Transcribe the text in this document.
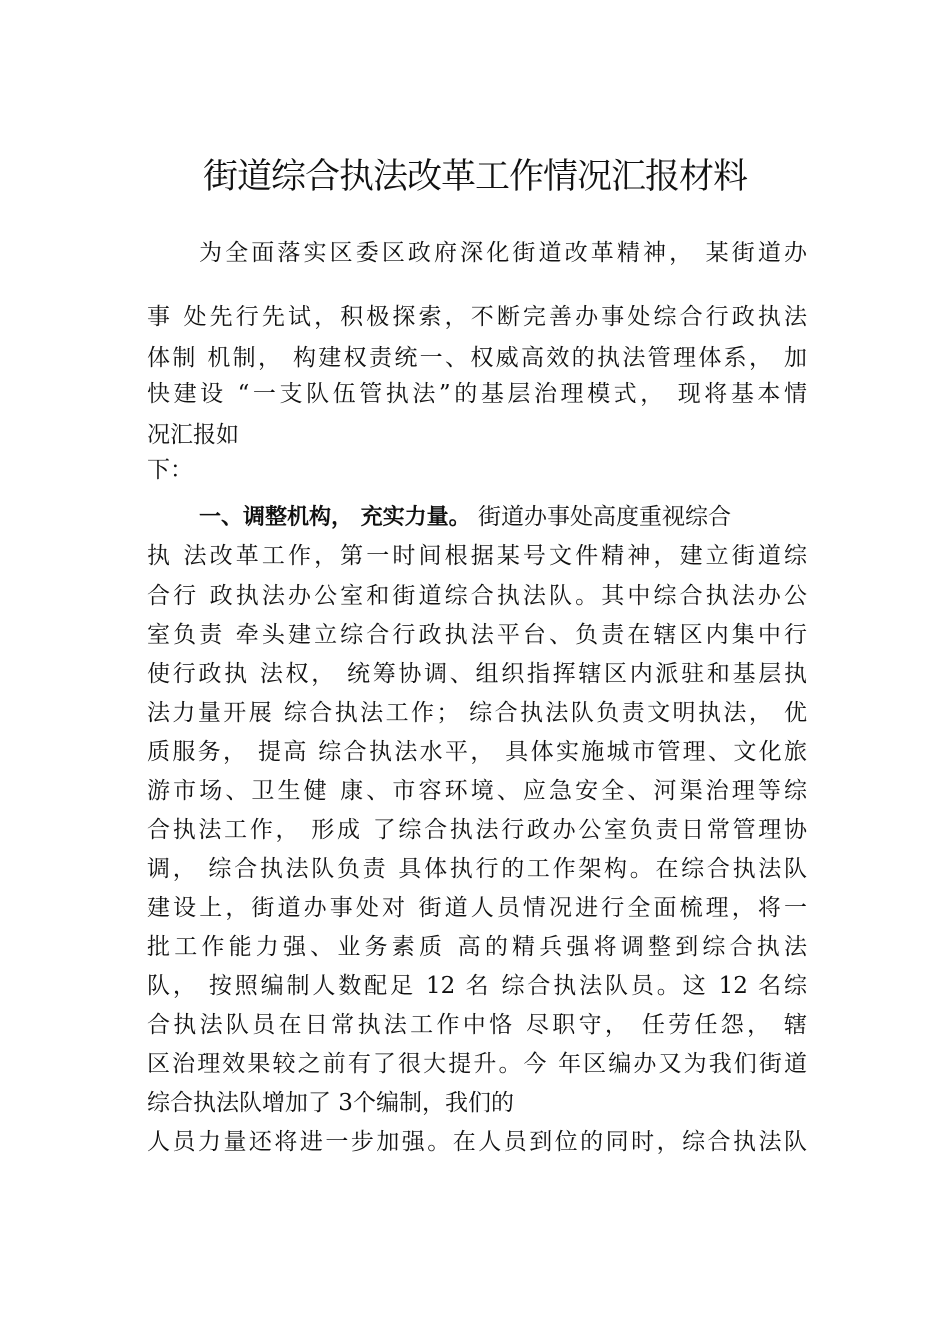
街道综合执法改革工作情况汇报材料
为全面落实区委区政府深化街道改革精神， 某街道办
事 处先行先试，积极探索，不断完善办事处综合行政执法
体制 机制， 构建权责统一、权威高效的执法管理体系， 加
快建设 “一支队伍管执法”的基层治理模式， 现将基本情
况汇报如
下：
一、调整机构， 充实力量。 街道办事处高度重视综合
执 法改革工作，第一时间根据某号文件精神，建立街道综
合行 政执法办公室和街道综合执法队。其中综合执法办公
室负责 牵头建立综合行政执法平台、负责在辖区内集中行
使行政执 法权， 统筹协调、组织指挥辖区内派驻和基层执
法力量开展 综合执法工作； 综合执法队负责文明执法， 优
质服务， 提高 综合执法水平， 具体实施城市管理、文化旅
游市场、卫生健 康、市容环境、应急安全、河渠治理等综
合执法工作， 形成 了综合执法行政办公室负责日常管理协
调， 综合执法队负责 具体执行的工作架构。在综合执法队
建设上，街道办事处对 街道人员情况进行全面梳理，将一
批工作能力强、业务素质 高的精兵强将调整到综合执法
队， 按照编制人数配足 12 名 综合执法队员。这 12 名综
合执法队员在日常执法工作中恪 尽职守， 任劳任怨， 辖
区治理效果较之前有了很大提升。今 年区编办又为我们街道
综合执法队增加了 3个编制，我们的
人员力量还将进一步加强。在人员到位的同时，综合执法队
